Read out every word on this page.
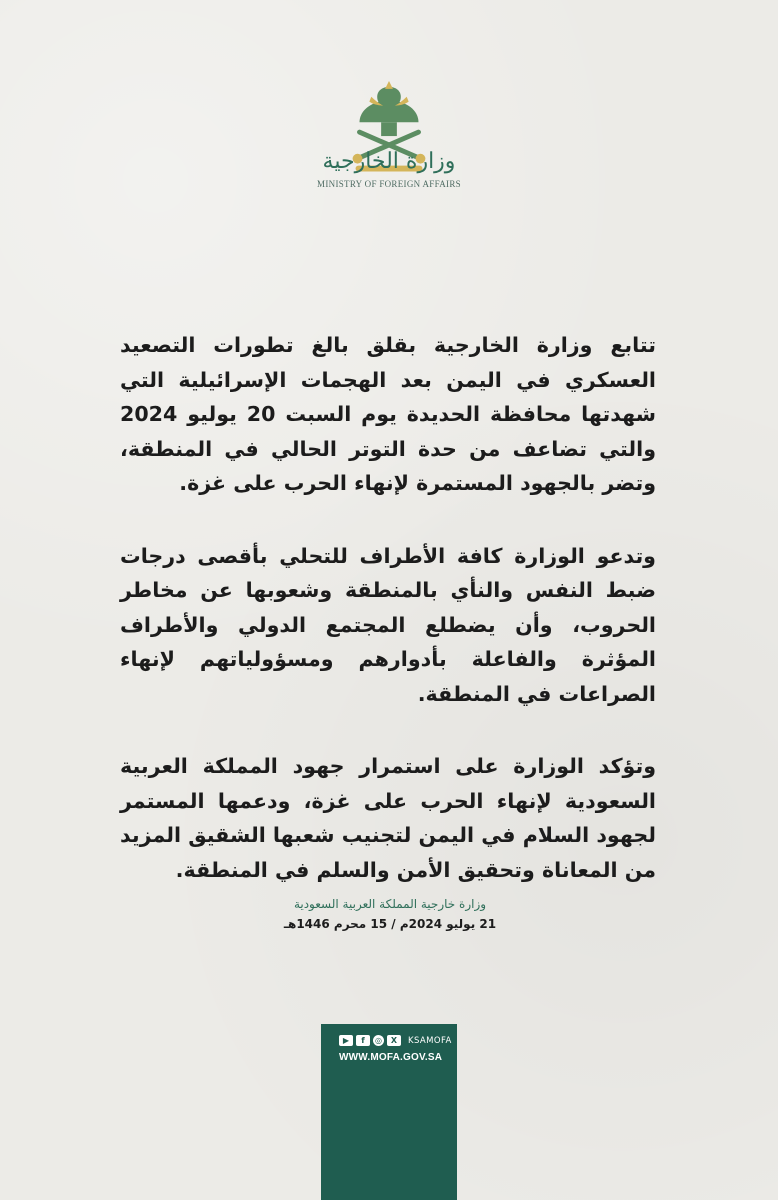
وزارة الخارجية
MINISTRY OF FOREIGN AFFAIRS

تتابع وزارة الخارجية بقلق بالغ تطورات التصعيد العسكري في اليمن بعد الهجمات الإسرائيلية التي شهدتها محافظة الحديدة يوم السبت 20 يوليو 2024 والتي تضاعف من حدة التوتر الحالي في المنطقة، وتضر بالجهود المستمرة لإنهاء الحرب على غزة.

وتدعو الوزارة كافة الأطراف للتحلي بأقصى درجات ضبط النفس والنأي بالمنطقة وشعوبها عن مخاطر الحروب، وأن يضطلع المجتمع الدولي والأطراف المؤثرة والفاعلة بأدوارهم ومسؤولياتهم لإنهاء الصراعات في المنطقة.

وتؤكد الوزارة على استمرار جهود المملكة العربية السعودية لإنهاء الحرب على غزة، ودعمها المستمر لجهود السلام في اليمن لتجنيب شعبها الشقيق المزيد من المعاناة وتحقيق الأمن والسلم في المنطقة.

وزارة خارجية المملكة العربية السعودية
21 يوليو 2024م / 15 محرم 1446هـ
▶	f	◎	X	KSAMOFA
WWW.MOFA.GOV.SA
